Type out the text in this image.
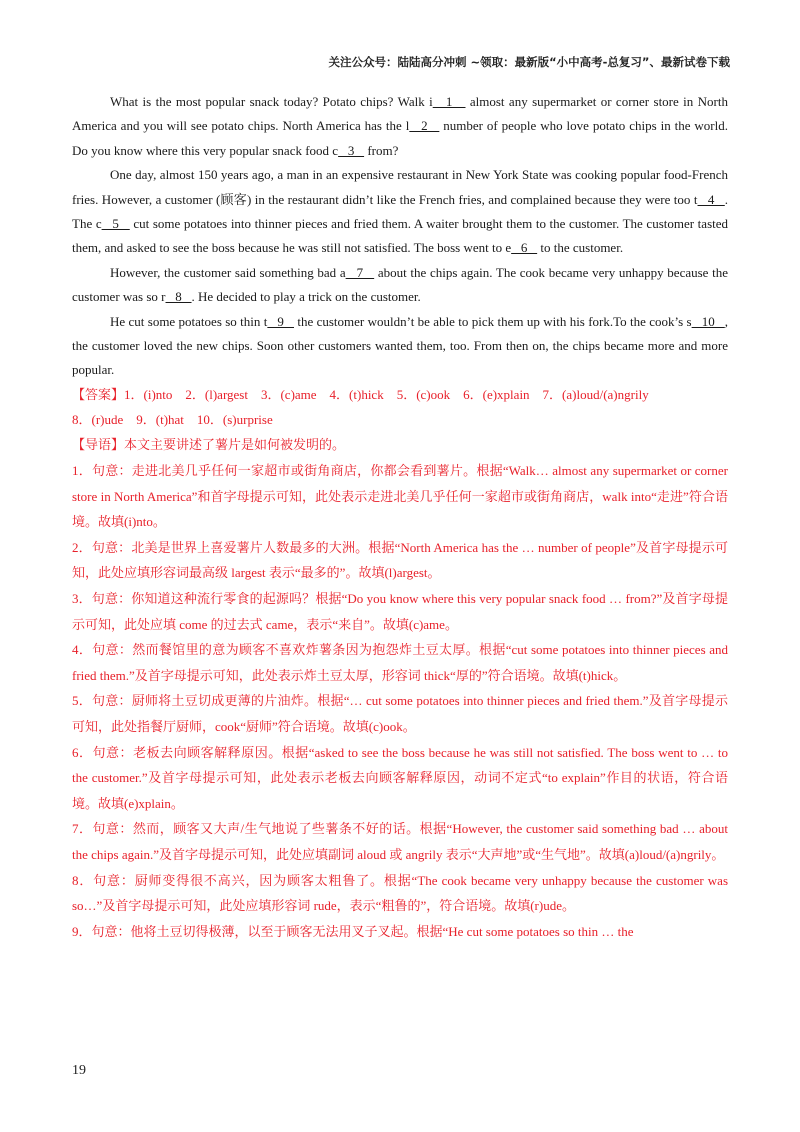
关注公众号：陆陆高分冲刺 ~领取：最新版“小中高考-总复习”、最新试卷下载

What is the most popular snack today? Potato chips? Walk i   1    almost any supermarket or corner store in North America and you will see potato chips. North America has the l   2    number of people who love potato chips in the world. Do you know where this very popular snack food c   3    from?

One day, almost 150 years ago, a man in an expensive restaurant in New York State was cooking popular food-French fries. However, a customer (顾客) in the restaurant didn’t like the French fries, and complained because they were too t   4   . The c   5    cut some potatoes into thinner pieces and fried them. A waiter brought them to the customer. The customer tasted them, and asked to see the boss because he was still not satisfied. The boss went to e   6    to the customer.

However, the customer said something bad a   7    about the chips again. The cook became very unhappy because the customer was so r   8   . He decided to play a trick on the customer.

He cut some potatoes so thin t   9    the customer wouldn’t be able to pick them up with his fork.To the cook’s s   10   , the customer loved the new chips. Soon other customers wanted them, too. From then on, the chips became more and more popular.

【答案】1．(i)nto　2．(l)argest　3．(c)ame　4．(t)hick　5．(c)ook　6．(e)xplain　7．(a)loud/(a)ngrily

8．(r)ude　9．(t)hat　10．(s)urprise

【导语】本文主要讲述了薯片是如何被发明的。

1．句意：走进北美几乎任何一家超市或街角商店，你都会看到薯片。根据“Walk… almost any supermarket or corner store in North America”和首字母提示可知，此处表示走进北美几乎任何一家超市或街角商店，walk into“走进”符合语境。故填(i)nto。

2．句意：北美是世界上喜爱薯片人数最多的大洲。根据“North America has the … number of people”及首字母提示可知，此处应填形容词最高级 largest 表示“最多的”。故填(l)argest。

3．句意：你知道这种流行零食的起源吗？根据“Do you know where this very popular snack food … from?”及首字母提示可知，此处应填 come 的过去式 came，表示“来自”。故填(c)ame。

4．句意：然而餐馆里的意为顾客不喜欢炸薯条因为抱怨炸土豆太厚。根据“cut some potatoes into thinner pieces and fried them.”及首字母提示可知，此处表示炸土豆太厚，形容词 thick“厚的”符合语境。故填(t)hick。

5．句意：厨师将土豆切成更薄的片油炸。根据“… cut some potatoes into thinner pieces and fried them.”及首字母提示可知，此处指餐厅厨师，cook“厨师”符合语境。故填(c)ook。

6．句意：老板去向顾客解释原因。根据“asked to see the boss because he was still not satisfied. The boss went to … to the customer.”及首字母提示可知，此处表示老板去向顾客解释原因，动词不定式“to explain”作目的状语，符合语境。故填(e)xplain。

7．句意：然而，顾客又大声/生气地说了些薯条不好的话。根据“However, the customer said something bad … about the chips again.”及首字母提示可知，此处应填副词 aloud 或 angrily 表示“大声地”或“生气地”。故填(a)loud/(a)ngrily。

8．句意：厨师变得很不高兴，因为顾客太粗鲁了。根据“The cook became very unhappy because the customer was so…”及首字母提示可知，此处应填形容词 rude，表示“粗鲁的”，符合语境。故填(r)ude。

9．句意：他将土豆切得极薄，以至于顾客无法用叉子叉起。根据“He cut some potatoes so thin … the

19
